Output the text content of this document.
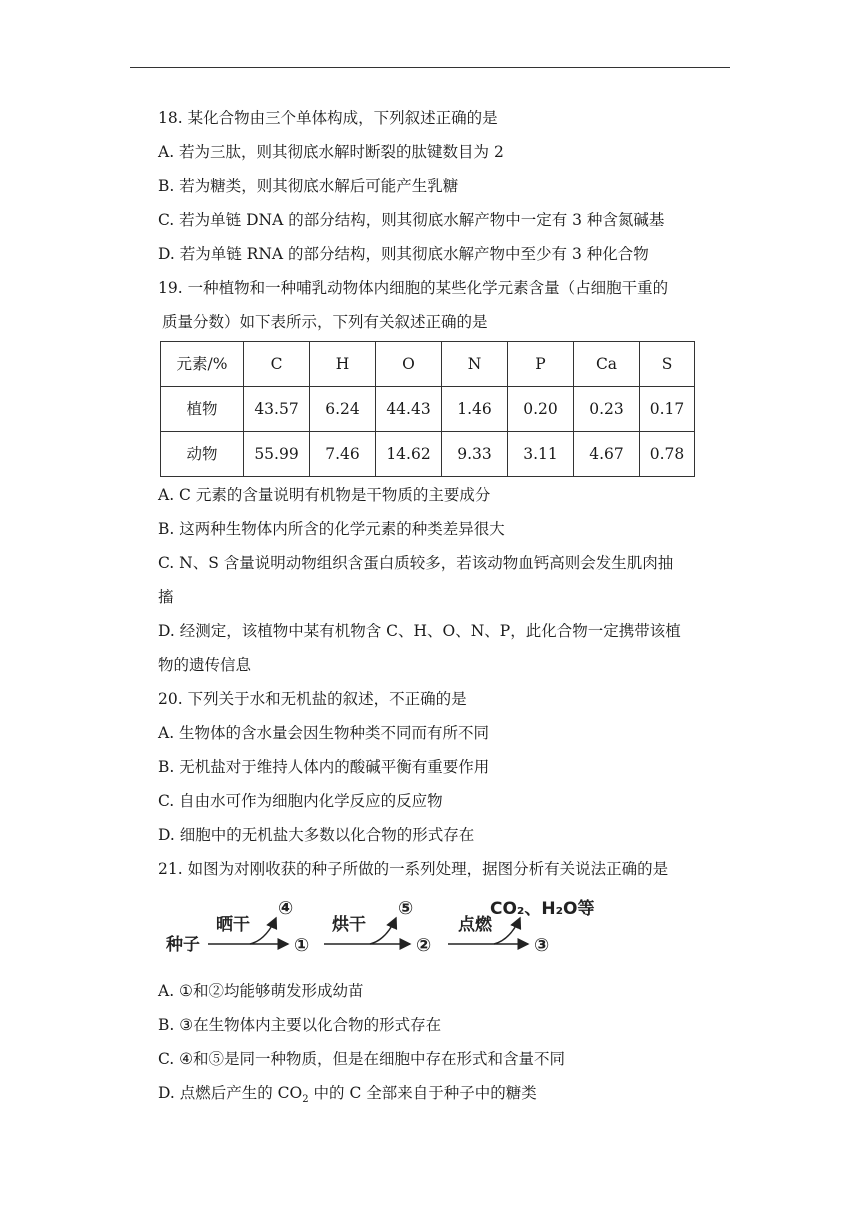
18. 某化合物由三个单体构成，下列叙述正确的是
A. 若为三肽，则其彻底水解时断裂的肽键数目为 2
B. 若为糖类，则其彻底水解后可能产生乳糖
C. 若为单链 DNA 的部分结构，则其彻底水解产物中一定有 3 种含氮碱基
D. 若为单链 RNA 的部分结构，则其彻底水解产物中至少有 3 种化合物
19. 一种植物和一种哺乳动物体内细胞的某些化学元素含量（占细胞干重的
质量分数）如下表所示，下列有关叙述正确的是
元素/%	C	H	O	N	P	Ca	S
植物	43.57	6.24	44.43	1.46	0.20	0.23	0.17
动物	55.99	7.46	14.62	9.33	3.11	4.67	0.78
A. C 元素的含量说明有机物是干物质的主要成分
B. 这两种生物体内所含的化学元素的种类差异很大
C. N、S 含量说明动物组织含蛋白质较多，若该动物血钙高则会发生肌肉抽
搐
D. 经测定，该植物中某有机物含 C、H、O、N、P，此化合物一定携带该植
物的遗传信息
20. 下列关于水和无机盐的叙述，不正确的是
A. 生物体的含水量会因生物种类不同而有所不同
B. 无机盐对于维持人体内的酸碱平衡有重要作用
C. 自由水可作为细胞内化学反应的反应物
D. 细胞中的无机盐大多数以化合物的形式存在
21. 如图为对刚收获的种子所做的一系列处理，据图分析有关说法正确的是
种子
晒干
④
①
烘干
⑤
②
点燃
CO₂、H₂O等
③
A. ①和②均能够萌发形成幼苗
B. ③在生物体内主要以化合物的形式存在
C. ④和⑤是同一种物质，但是在细胞中存在形式和含量不同
D. 点燃后产生的 $CO_2$ 中的 C 全部来自于种子中的糖类
